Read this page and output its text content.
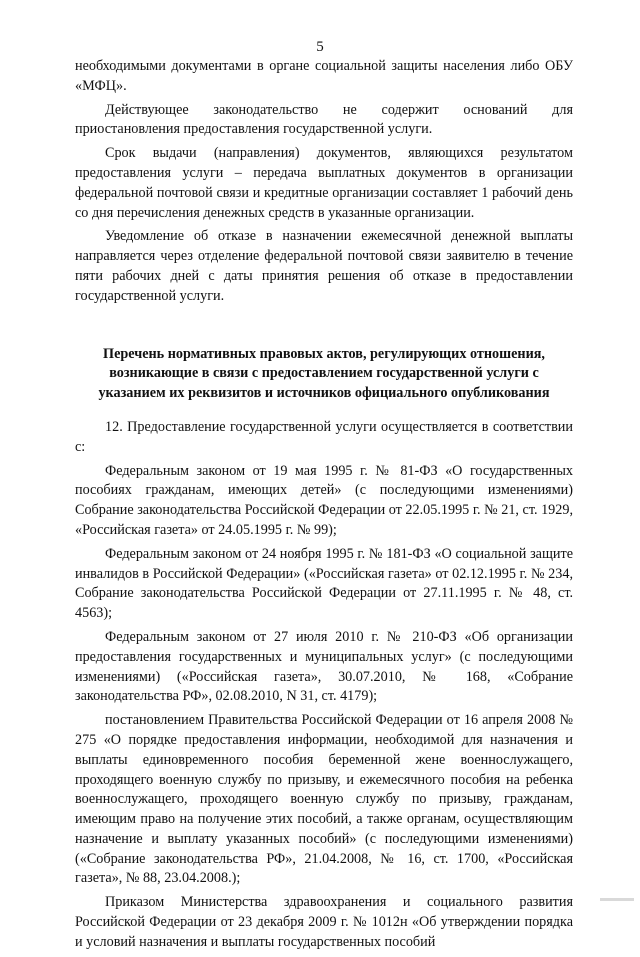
5

необходимыми документами в органе социальной защиты населения либо ОБУ «МФЦ».

Действующее законодательство не содержит оснований для приостановления предоставления государственной услуги.

Срок выдачи (направления) документов, являющихся результатом предоставления услуги – передача выплатных документов в организации федеральной почтовой связи и кредитные организации составляет 1 рабочий день со дня перечисления денежных средств в указанные организации.

Уведомление об отказе в назначении ежемесячной денежной выплаты направляется через отделение федеральной почтовой связи заявителю в течение пяти рабочих дней с даты принятия решения об отказе в предоставлении государственной услуги.

Перечень нормативных правовых актов, регулирующих отношения, возникающие в связи с предоставлением государственной услуги с указанием их реквизитов и источников официального опубликования

12. Предоставление государственной услуги осуществляется в соответствии с:

Федеральным законом от 19 мая 1995 г. № 81-ФЗ «О государственных пособиях гражданам, имеющих детей» (с последующими изменениями) Собрание законодательства Российской Федерации от 22.05.1995 г. № 21, ст. 1929, «Российская газета» от 24.05.1995 г. № 99);

Федеральным законом от 24 ноября 1995 г. № 181-ФЗ «О социальной защите инвалидов в Российской Федерации» («Российская газета» от 02.12.1995 г. № 234, Собрание законодательства Российской Федерации от 27.11.1995 г. № 48, ст. 4563);

Федеральным законом от 27 июля 2010 г. № 210-ФЗ «Об организации предоставления государственных и муниципальных услуг» (с последующими изменениями) («Российская газета», 30.07.2010, № 168, «Собрание законодательства РФ», 02.08.2010, N 31, ст. 4179);

постановлением Правительства Российской Федерации от 16 апреля 2008 № 275 «О порядке предоставления информации, необходимой для назначения и выплаты единовременного пособия беременной жене военнослужащего, проходящего военную службу по призыву, и ежемесячного пособия на ребенка военнослужащего, проходящего военную службу по призыву, гражданам, имеющим право на получение этих пособий, а также органам, осуществляющим назначение и выплату указанных пособий» (с последующими изменениями) («Собрание законодательства РФ», 21.04.2008, № 16, ст. 1700, «Российская газета», № 88, 23.04.2008.);

Приказом Министерства здравоохранения и социального развития Российской Федерации от 23 декабря 2009 г. № 1012н «Об утверждении порядка и условий назначения и выплаты государственных пособий
